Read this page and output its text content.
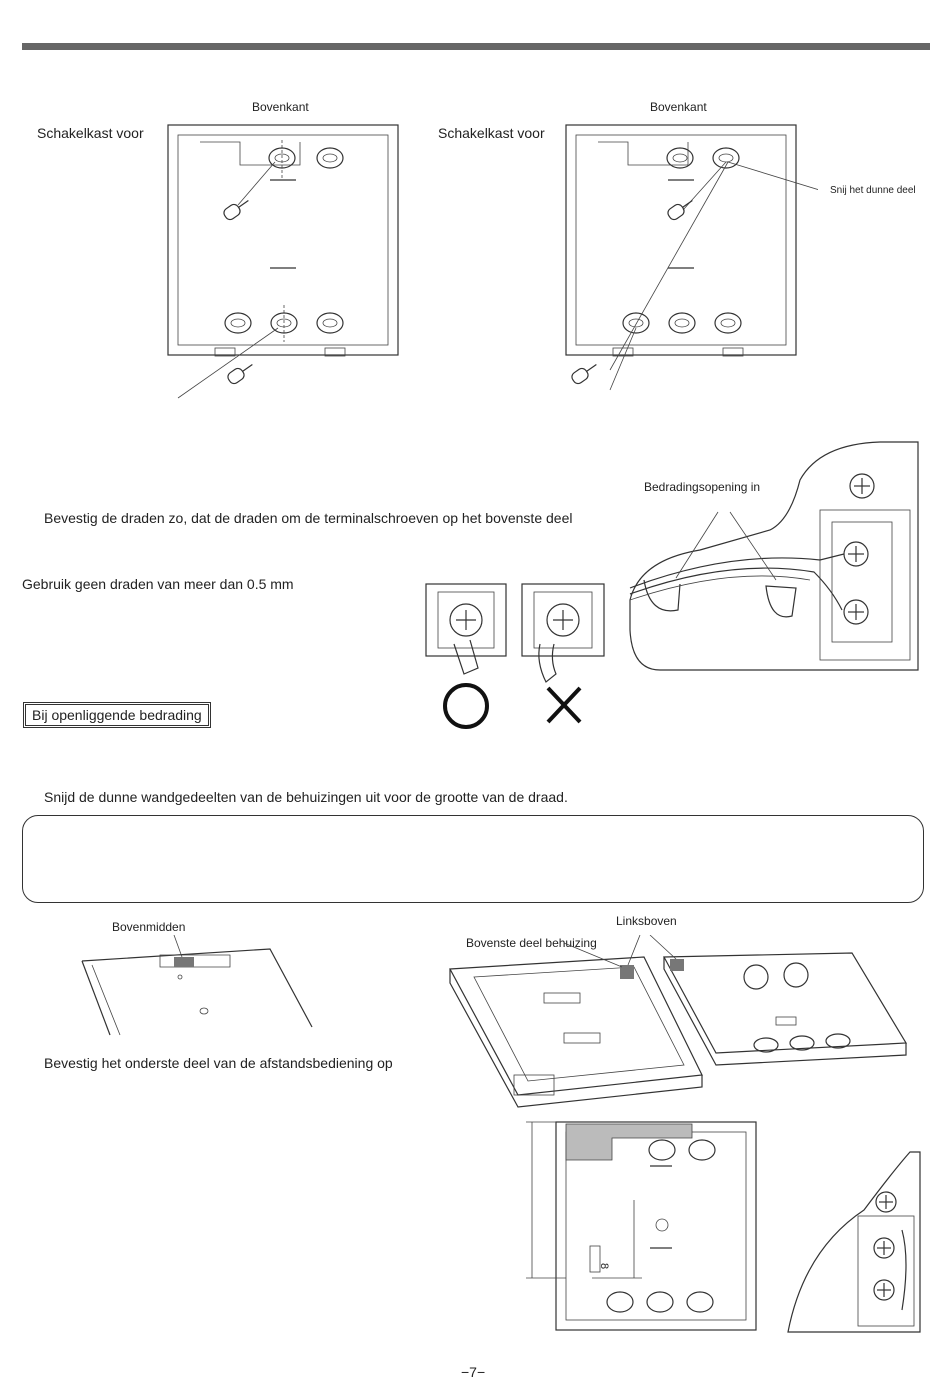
Bovenkant
Schakelkast voor
Bovenkant
Schakelkast voor
Snij het dunne deel
Bedradingsopening in
Bevestig de draden zo, dat de draden om de terminalschroeven op het bovenste deel
Gebruik geen draden van meer dan 0.5 mm
Bij openliggende bedrading
Snijd de dunne wandgedeelten van de behuizingen uit voor de grootte van de draad.
Bovenmidden	Linksboven
Bovenste deel behuizing
Bevestig het onderste deel van de afstandsbediening op
8
−7−
